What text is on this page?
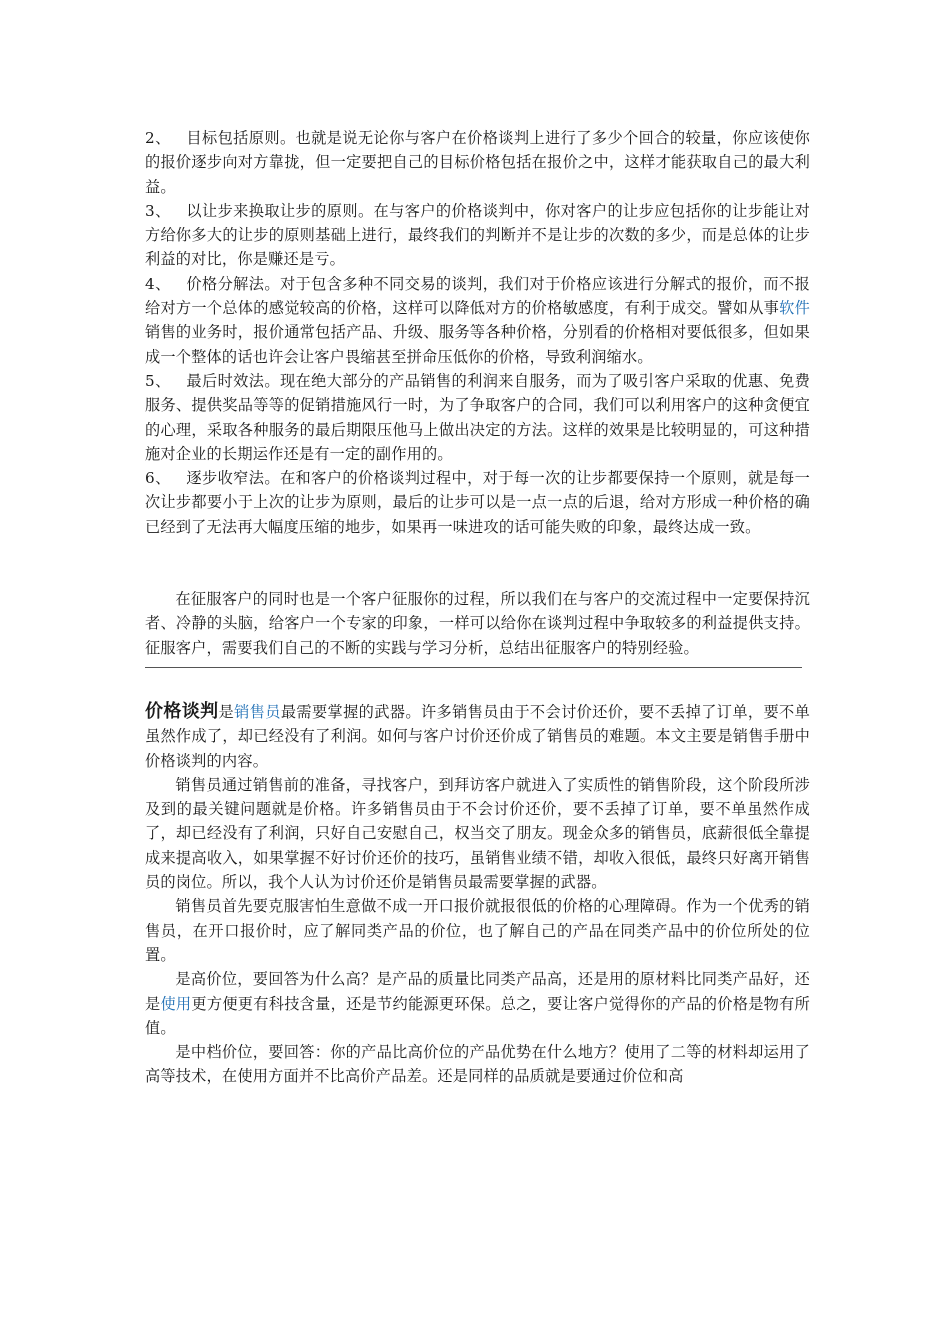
2、 目标包括原则。也就是说无论你与客户在价格谈判上进行了多少个回合的较量，你应该使你的报价逐步向对方靠拢，但一定要把自己的目标价格包括在报价之中，这样才能获取自己的最大利益。

3、 以让步来换取让步的原则。在与客户的价格谈判中，你对客户的让步应包括你的让步能让对方给你多大的让步的原则基础上进行，最终我们的判断并不是让步的次数的多少，而是总体的让步利益的对比，你是赚还是亏。

4、 价格分解法。对于包含多种不同交易的谈判，我们对于价格应该进行分解式的报价，而不报给对方一个总体的感觉较高的价格，这样可以降低对方的价格敏感度，有利于成交。譬如从事软件销售的业务时，报价通常包括产品、升级、服务等各种价格，分别看的价格相对要低很多，但如果成一个整体的话也许会让客户畏缩甚至拼命压低你的价格，导致利润缩水。

5、 最后时效法。现在绝大部分的产品销售的利润来自服务，而为了吸引客户采取的优惠、免费服务、提供奖品等等的促销措施风行一时，为了争取客户的合同，我们可以利用客户的这种贪便宜的心理，采取各种服务的最后期限压他马上做出决定的方法。这样的效果是比较明显的，可这种措施对企业的长期运作还是有一定的副作用的。

6、 逐步收窄法。在和客户的价格谈判过程中，对于每一次的让步都要保持一个原则，就是每一次让步都要小于上次的让步为原则，最后的让步可以是一点一点的后退，给对方形成一种价格的确已经到了无法再大幅度压缩的地步，如果再一味进攻的话可能失败的印象，最终达成一致。

在征服客户的同时也是一个客户征服你的过程，所以我们在与客户的交流过程中一定要保持沉者、冷静的头脑，给客户一个专家的印象，一样可以给你在谈判过程中争取较多的利益提供支持。征服客户，需要我们自己的不断的实践与学习分析，总结出征服客户的特别经验。

价格谈判是销售员最需要掌握的武器。许多销售员由于不会讨价还价，要不丢掉了订单，要不单虽然作成了，却已经没有了利润。如何与客户讨价还价成了销售员的难题。本文主要是销售手册中价格谈判的内容。

销售员通过销售前的准备，寻找客户，到拜访客户就进入了实质性的销售阶段，这个阶段所涉及到的最关键问题就是价格。许多销售员由于不会讨价还价，要不丢掉了订单，要不单虽然作成了，却已经没有了利润，只好自己安慰自己，权当交了朋友。现金众多的销售员，底薪很低全靠提成来提高收入，如果掌握不好讨价还价的技巧，虽销售业绩不错，却收入很低，最终只好离开销售员的岗位。所以，我个人认为讨价还价是销售员最需要掌握的武器。

销售员首先要克服害怕生意做不成一开口报价就报很低的价格的心理障碍。作为一个优秀的销售员，在开口报价时，应了解同类产品的价位，也了解自己的产品在同类产品中的价位所处的位置。

是高价位，要回答为什么高？是产品的质量比同类产品高，还是用的原材料比同类产品好，还是使用更方便更有科技含量，还是节约能源更环保。总之，要让客户觉得你的产品的价格是物有所值。

是中档价位，要回答：你的产品比高价位的产品优势在什么地方？使用了二等的材料却运用了高等技术，在使用方面并不比高价产品差。还是同样的品质就是要通过价位和高
